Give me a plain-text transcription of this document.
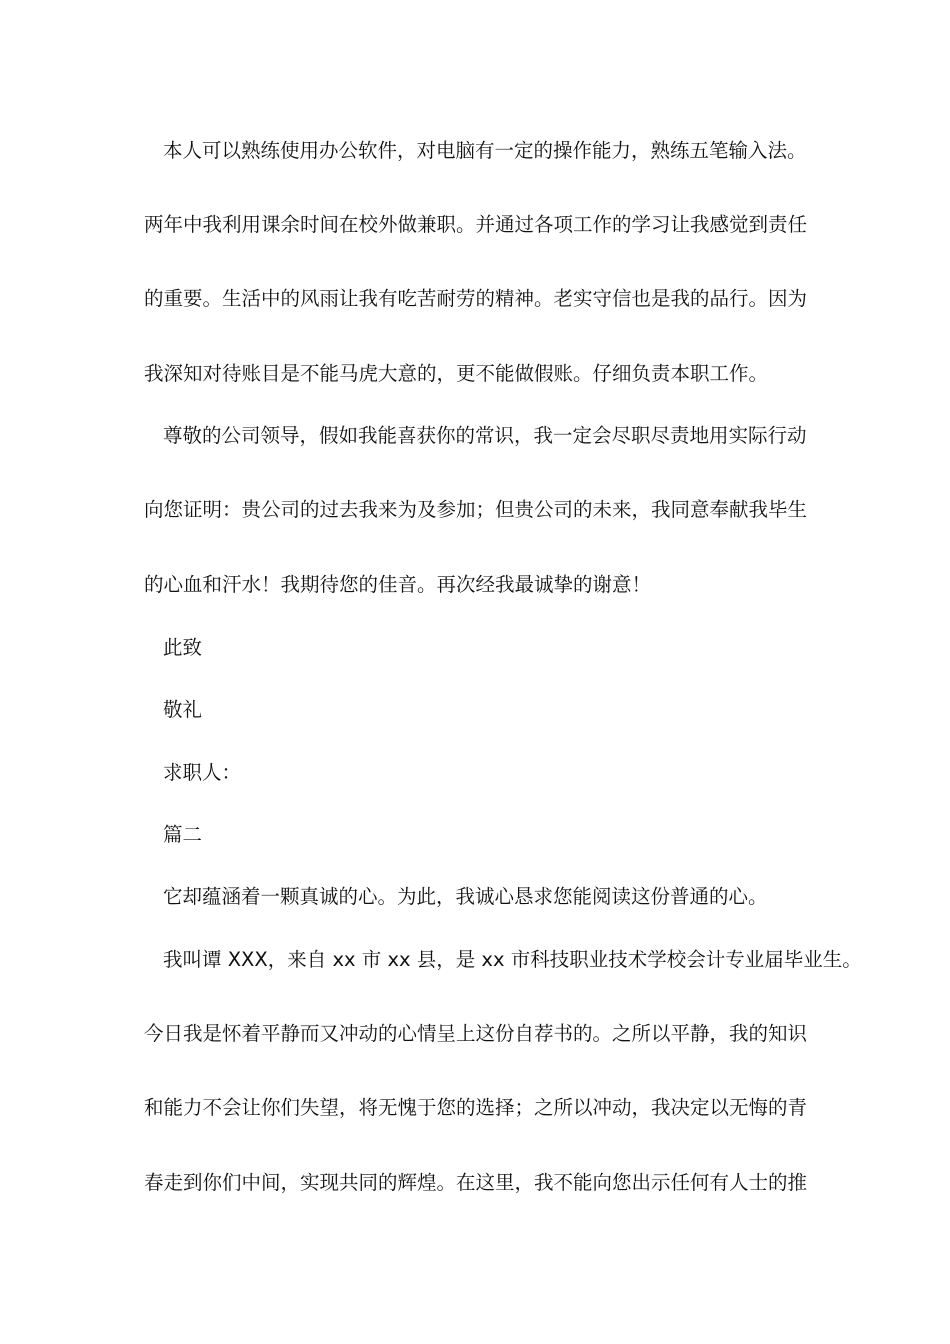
本人可以熟练使用办公软件，对电脑有一定的操作能力，熟练五笔输入法。
两年中我利用课余时间在校外做兼职。并通过各项工作的学习让我感觉到责任
的重要。生活中的风雨让我有吃苦耐劳的精神。老实守信也是我的品行。因为
我深知对待账目是不能马虎大意的，更不能做假账。仔细负责本职工作。
尊敬的公司领导，假如我能喜获你的常识，我一定会尽职尽责地用实际行动
向您证明：贵公司的过去我来为及参加；但贵公司的未来，我同意奉献我毕生
的心血和汗水！我期待您的佳音。再次经我最诚挚的谢意！
此致
敬礼
求职人：
篇二
它却蕴涵着一颗真诚的心。为此，我诚心恳求您能阅读这份普通的心。
我叫谭 XXX，来自 xx 市 xx 县，是 xx 市科技职业技术学校会计专业届毕业生。
今日我是怀着平静而又冲动的心情呈上这份自荐书的。之所以平静，我的知识
和能力不会让你们失望，将无愧于您的选择；之所以冲动，我决定以无悔的青
春走到你们中间，实现共同的辉煌。在这里，我不能向您出示任何有人士的推
